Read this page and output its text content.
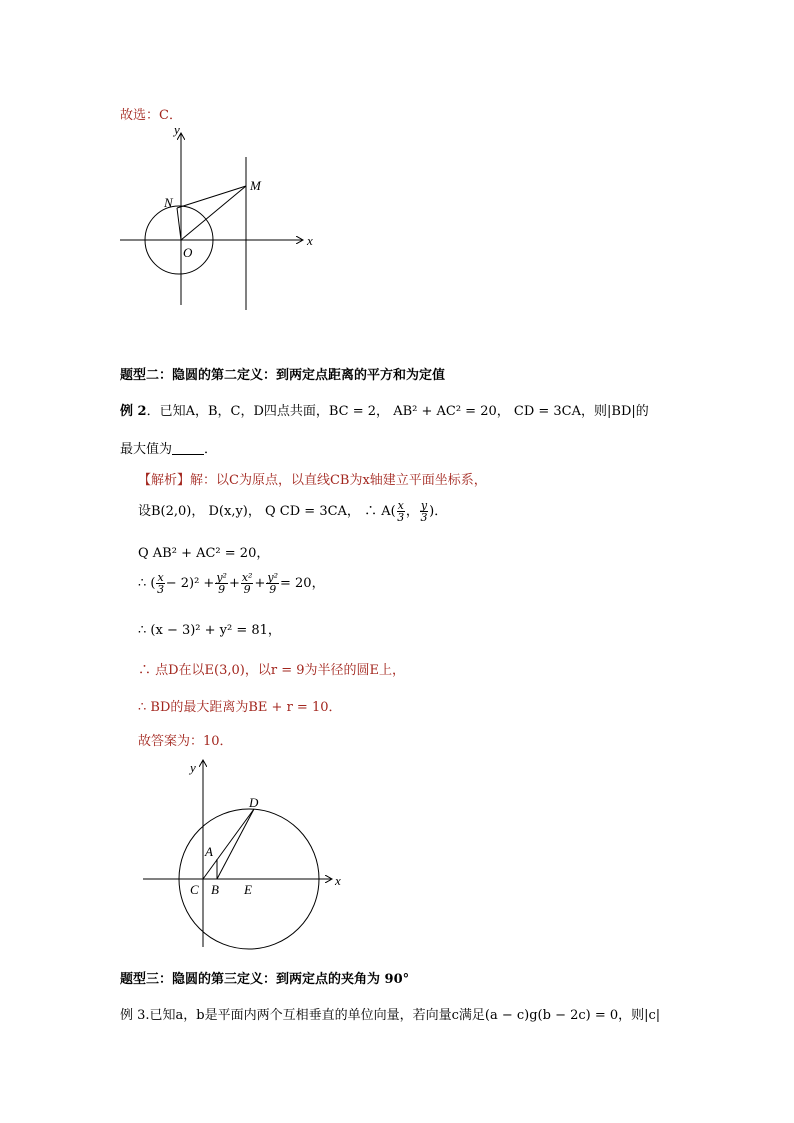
故选：C．
y
x
N
M
O
题型二：隐圆的第二定义：到两定点距离的平方和为定值
例 2．已知A，B，C，D四点共面，BC = 2， AB² + AC² = 20， CD = 3CA，则|BD|的
最大值为 ．
【解析】解：以C为原点，以直线CB为x轴建立平面坐标系，
设B(2,0)， D(x,y)， Q CD = 3CA， ∴ $A( \frac{x}{3}$ ， $\frac{y}{3}$ )．
Q AB² + AC² = 20，
∴ ( $\frac{x}{3} - 2)^2 + \frac{\text{y²}}{9} + \frac{\text{x²}}{9} + \frac{\text{y²}}{9} = 20$，
∴ (x − 3)² + y² = 81，
∴ 点D在以E(3,0)，以r = 9为半径的圆E上，
∴ BD的最大距离为BE + r = 10．
故答案为：10．
y
x
D
A
C B E
题型三：隐圆的第三定义：到两定点的夹角为 90°
例 3.已知a，b是平面内两个互相垂直的单位向量，若向量c满足(a − c)g(b − 2c) = 0，则|c|
